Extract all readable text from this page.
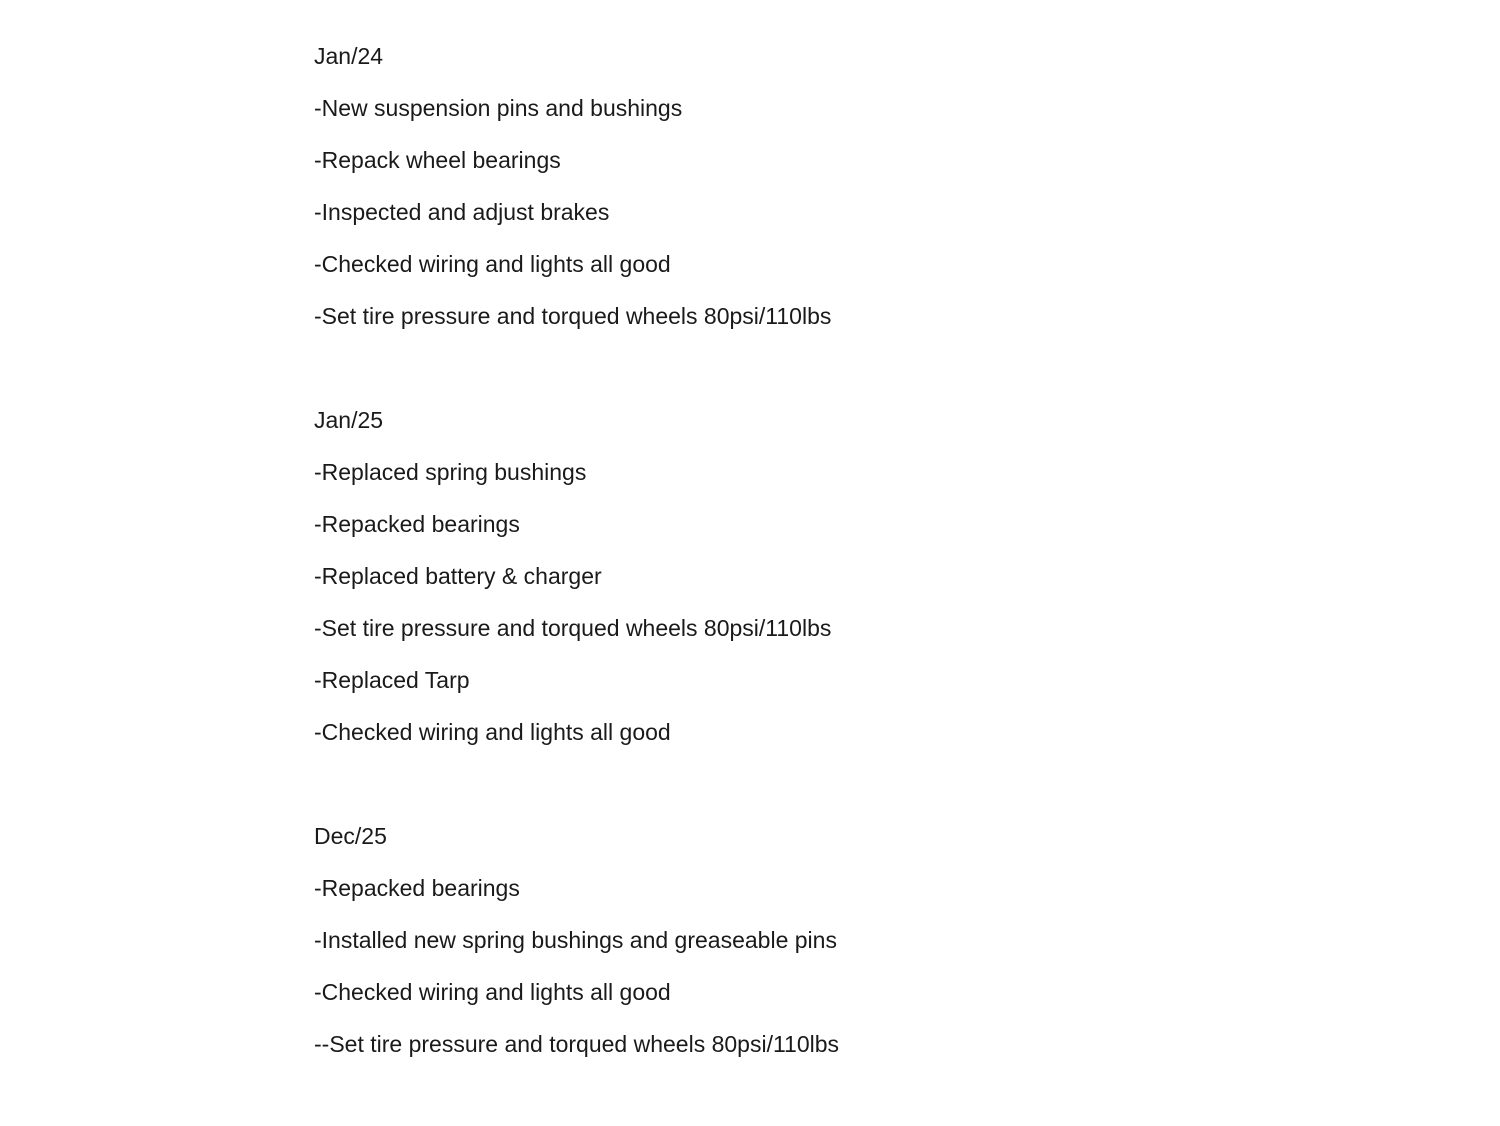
Jan/24
-New suspension pins and bushings
-Repack wheel bearings
-Inspected and adjust brakes
-Checked wiring and lights all good
-Set tire pressure and torqued wheels 80psi/110lbs
Jan/25
-Replaced spring bushings
-Repacked bearings
-Replaced battery & charger
-Set tire pressure and torqued wheels 80psi/110lbs
-Replaced Tarp
-Checked wiring and lights all good
Dec/25
-Repacked bearings
-Installed new spring bushings and greaseable pins
-Checked wiring and lights all good
--Set tire pressure and torqued wheels 80psi/110lbs
